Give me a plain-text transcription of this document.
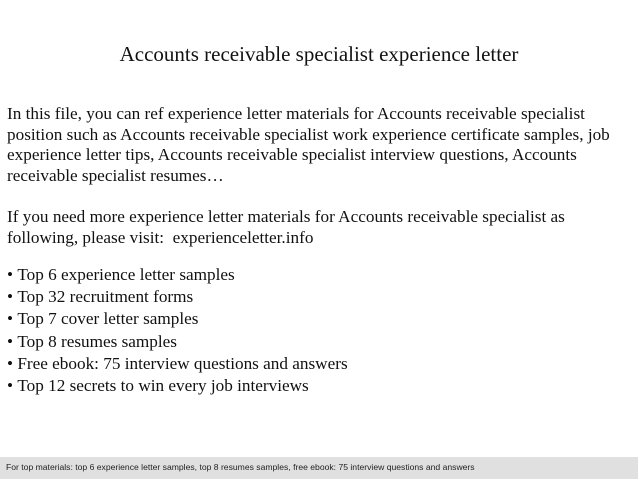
Accounts receivable specialist experience letter

In this file, you can ref experience letter materials for Accounts receivable specialist position such as Accounts receivable specialist work experience certificate samples, job experience letter tips, Accounts receivable specialist interview questions, Accounts receivable specialist resumes…

If you need more experience letter materials for Accounts receivable specialist as following, please visit:  experienceletter.info

• Top 6 experience letter samples
• Top 32 recruitment forms
• Top 7 cover letter samples
• Top 8 resumes samples
• Free ebook: 75 interview questions and answers
• Top 12 secrets to win every job interviews
For top materials: top 6 experience letter samples, top 8 resumes samples, free ebook: 75 interview questions and answers
